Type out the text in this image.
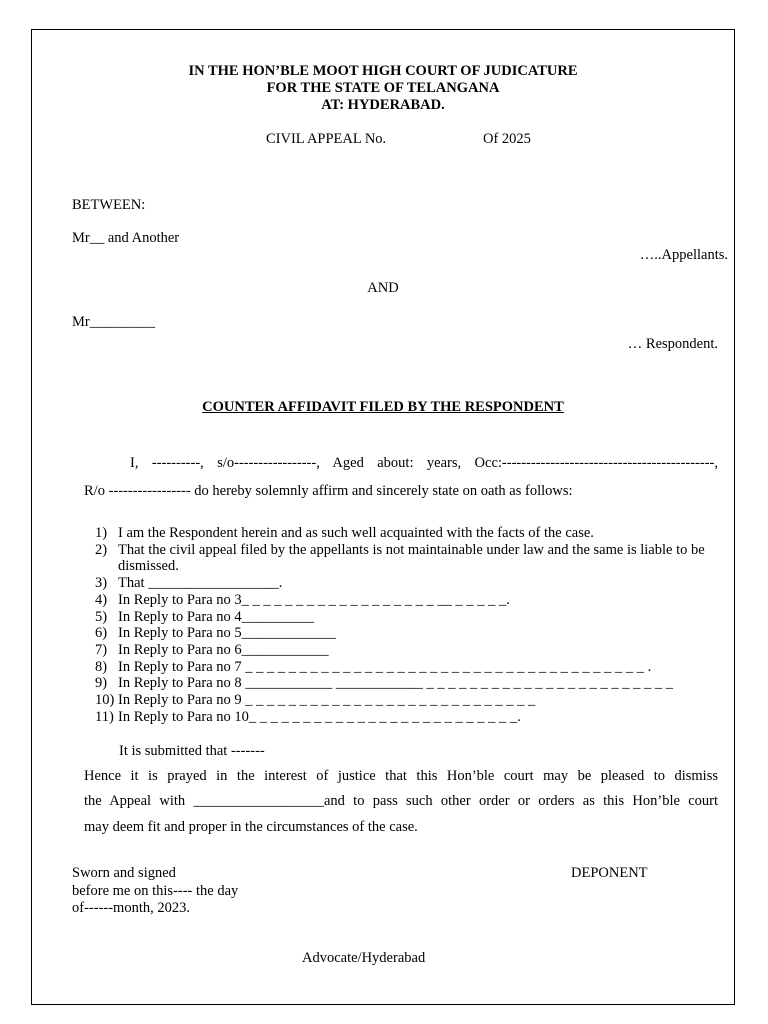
IN THE HON’BLE MOOT HIGH COURT OF JUDICATURE
FOR THE STATE OF TELANGANA
AT: HYDERABAD.
CIVIL APPEAL No.	Of 2025
BETWEEN:
Mr__ and Another
…..Appellants.
AND
Mr_________
… Respondent.
COUNTER AFFIDAVIT FILED BY THE RESPONDENT
I, ----------, s/o-----------------, Aged about: years, Occ:--------------------------------------------,
R/o ----------------- do hereby solemnly affirm and sincerely state on oath as follows:
1) I am the Respondent herein and as such well acquainted with the facts of the case.
2) That the civil appeal filed by the appellants is not maintainable under law and the same is liable to be dismissed.
3) That __________________.
4) In Reply to Para no 3_ _ _ _ _ _ _ _ _ _ _ _ _ _ _ _ _ _ __ _ _ _ _ _.
5) In Reply to Para no 4__________
6) In Reply to Para no 5_____________
7) In Reply to Para no 6____________
8) In Reply to Para no 7 _ _ _ _ _ _ _ _ _ _ _ _ _ _ _ _ _ _ _ _ _ _ _ _ _ _ _ _ _ _ _ _ _ _ _ _ _ .
9) In Reply to Para no 8 ____________ ____________ _ _ _ _ _ _ _ _ _ _ _ _ _ _ _ _ _ _ _ _ _ _ _
10) In Reply to Para no 9 _ _ _ _ _ _ _ _ _ _ _ _ _ _ _ _ _ _ _ _ _ _ _ _ _ _ _
11) In Reply to Para no 10_ _ _ _ _ _ _ _ _ _ _ _ _ _ _ _ _ _ _ _ _ _ _ _ _.
It is submitted that -------
Hence it is prayed in the interest of justice that this Hon’ble court may be pleased to dismiss
the Appeal with __________________and to pass such other order or orders as this Hon’ble court
may deem fit and proper in the circumstances of the case.
Sworn and signed
before me on this---- the day
of------month, 2023.
DEPONENT
Advocate/Hyderabad
